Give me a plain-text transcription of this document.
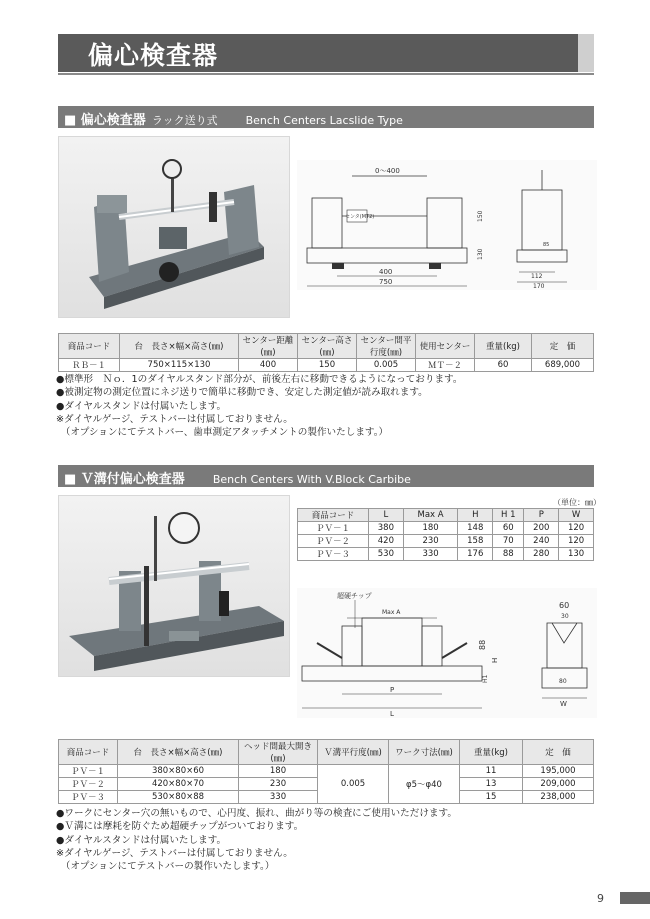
偏心検査器
■ 偏心検査器 ラック送り式	Bench Centers Lacslide Type
0～400
センタ(MT2)	150
130
400
750
85
112
170
商品コード	台　長さ×幅×高さ(㎜)	センター距離(㎜)	センター高さ(㎜)	センター間平行度(㎜)	使用センター	重量(kg)	定　価
ＲＢ－１	750×115×130	400	150	0.005	ＭＴ－２	60	689,000
●標準形　Ｎｏ．1のダイヤルスタンド部分が、前後左右に移動できるようになっております。
●被測定物の測定位置にネジ送りで簡単に移動でき、安定した測定値が読み取れます。
●ダイヤルスタンドは付属いたします。
※ダイヤルゲージ、テストバーは付属しておりません。
　（オプションにてテストバー、歯車測定アタッチメントの製作いたします。）
■ Ｖ溝付偏心検査器	Bench Centers With V.Block Carbibe
（単位：㎜）
商品コード	L	Max A	H	H 1	P	W
ＰＶ－１	380	180	148	60	200	120
ＰＶ－２	420	230	158	70	240	120
ＰＶ－３	530	330	176	88	280	130
超硬チップ
Max A
88
H
H1
P
L
60
30
80
W
商品コード	台　長さ×幅×高さ(㎜)	ヘッド間最大開き(㎜)	Ｖ溝平行度(㎜)	ワーク寸法(㎜)	重量(kg)	定　価
ＰＶ－１	380×80×60	180	0.005	φ5～φ40	11	195,000
ＰＶ－２	420×80×70	230			13	209,000
ＰＶ－３	530×80×88	330			15	238,000
●ワークにセンター穴の無いもので、心円度、振れ、曲がり等の検査にご使用いただけます。
●Ｖ溝には摩耗を防ぐため超硬チップがついております。
●ダイヤルスタンドは付属いたします。
※ダイヤルゲージ、テストバーは付属しておりません。
　（オプションにてテストバーの製作いたします。）
9
